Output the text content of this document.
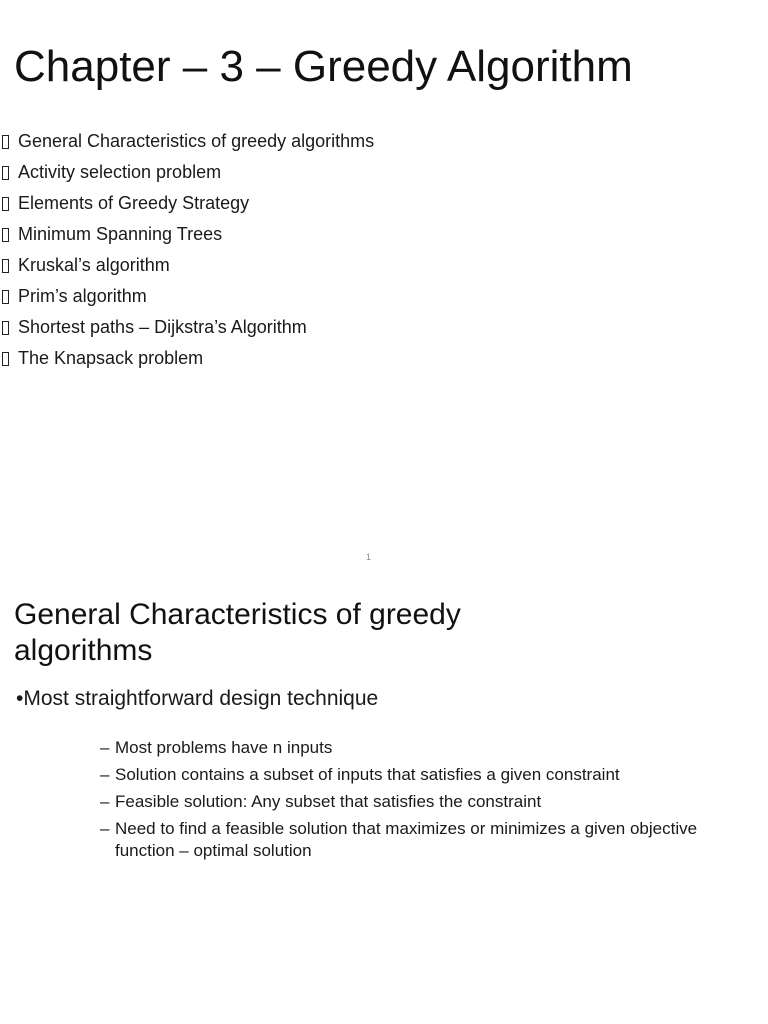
Chapter – 3 – Greedy Algorithm
General Characteristics of greedy algorithms
Activity selection problem
Elements of Greedy Strategy
Minimum Spanning Trees
Kruskal’s algorithm
Prim’s algorithm
Shortest paths – Dijkstra’s Algorithm
The Knapsack problem
1
General Characteristics of greedy algorithms
•Most straightforward design technique
– Most problems have n inputs
– Solution contains a subset of inputs that satisfies a given constraint
– Feasible solution: Any subset that satisfies the constraint
– Need to find a feasible solution that maximizes or minimizes a given objective function – optimal solution
